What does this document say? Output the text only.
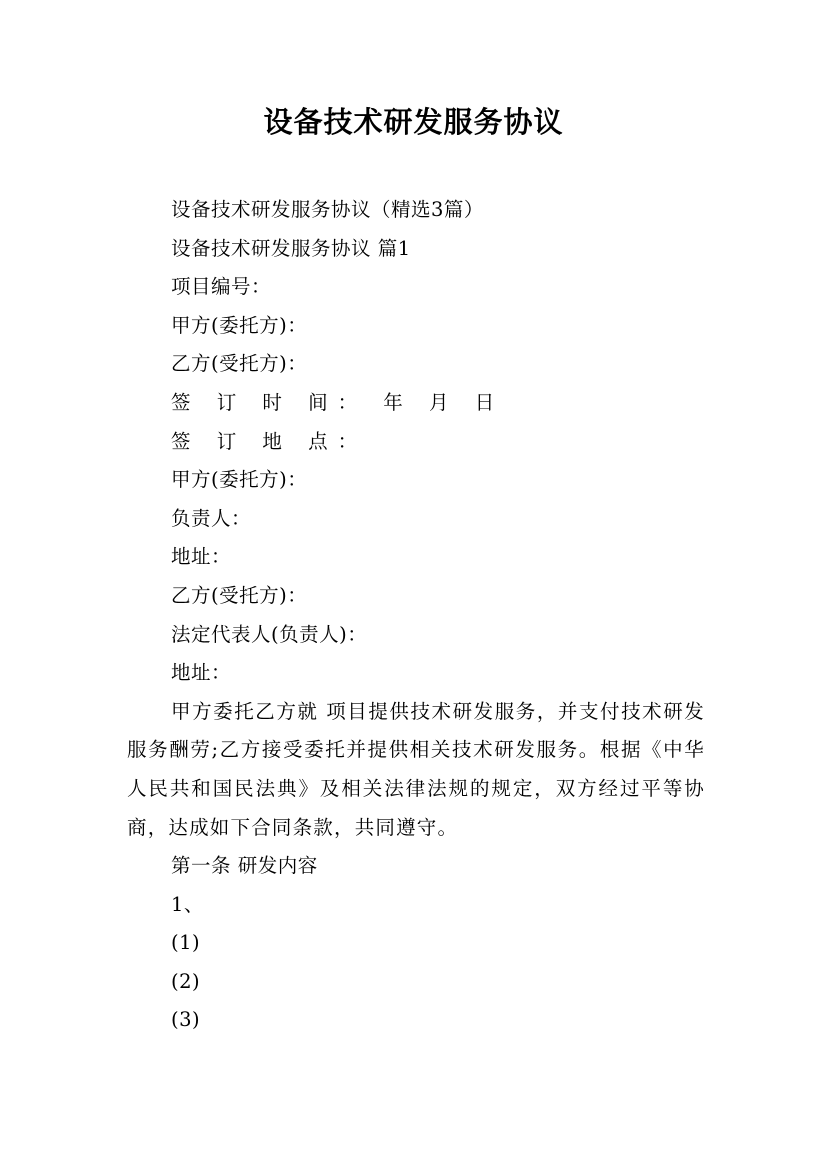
设备技术研发服务协议
设备技术研发服务协议（精选3篇）
设备技术研发服务协议 篇1
项目编号：
甲方(委托方)：
乙方(受托方)：
签 订 时 间： 年 月 日
签 订 地 点：
甲方(委托方)：
负责人：
地址：
乙方(受托方)：
法定代表人(负责人)：
地址：
甲方委托乙方就 项目提供技术研发服务，并支付技术研发服务酬劳;乙方接受委托并提供相关技术研发服务。根据《中华人民共和国民法典》及相关法律法规的规定，双方经过平等协商，达成如下合同条款，共同遵守。
第一条 研发内容
1、
(1)
(2)
(3)
